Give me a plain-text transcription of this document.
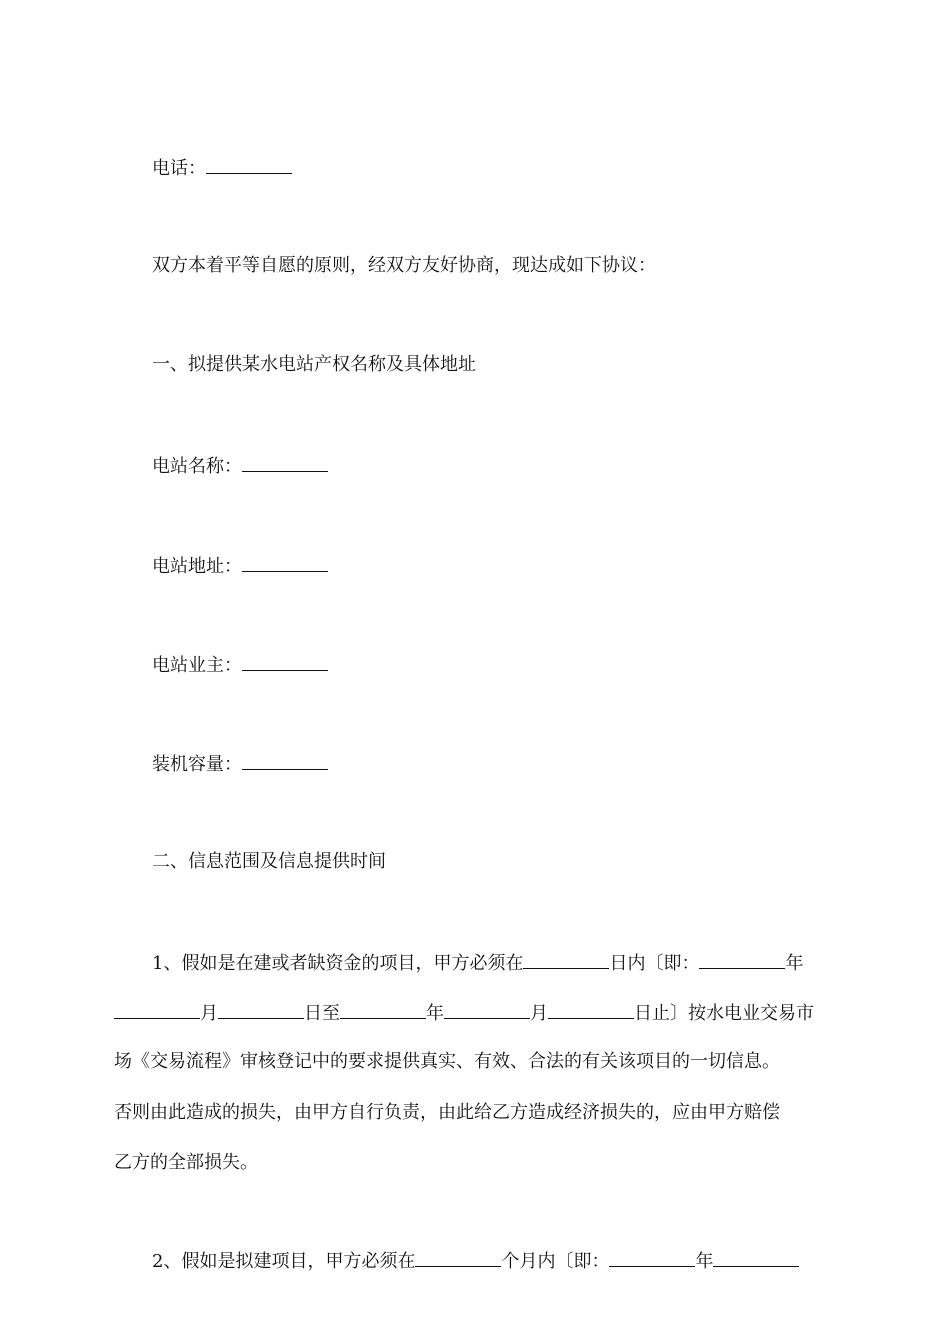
电话：
双方本着平等自愿的原则，经双方友好协商，现达成如下协议：
一、拟提供某水电站产权名称及具体地址
电站名称：
电站地址：
电站业主：
装机容量：
二、信息范围及信息提供时间
1、假如是在建或者缺资金的项目，甲方必须在	日内〔即：	年
月	日至	年	月	日止〕按水电业交易市
场《交易流程》审核登记中的要求提供真实、有效、合法的有关该项目的一切信息。
否则由此造成的损失，由甲方自行负责，由此给乙方造成经济损失的，应由甲方赔偿
乙方的全部损失。
2、假如是拟建项目，甲方必须在	个月内〔即：	年
